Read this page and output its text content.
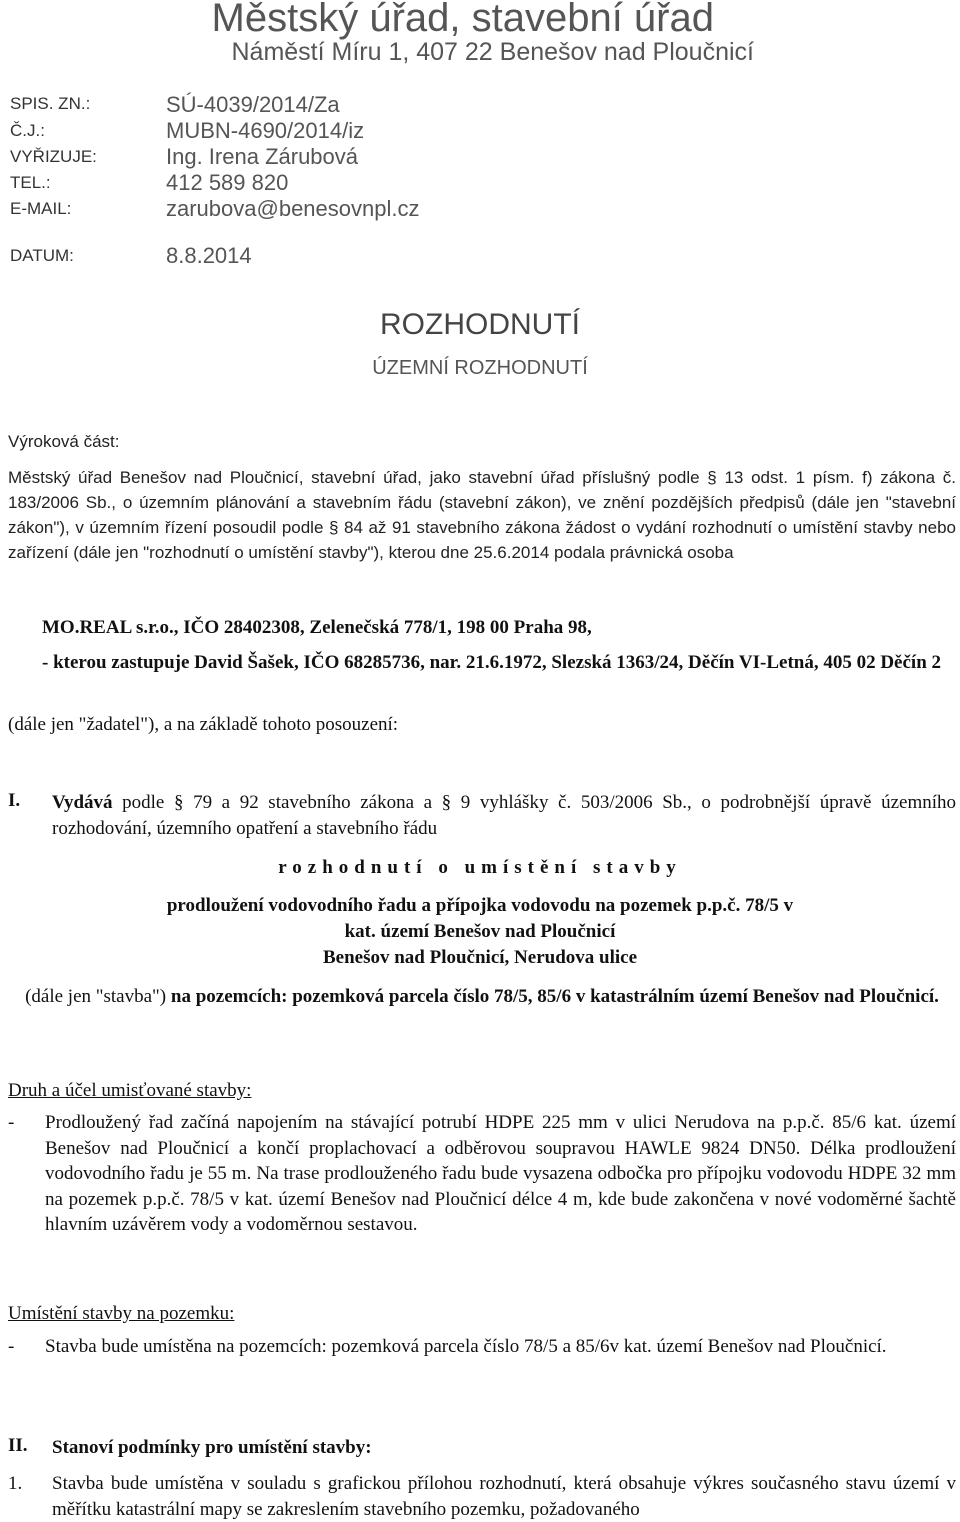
Městský úřad, stavební úřad
Náměstí Míru 1, 407 22 Benešov nad Ploučnicí
SPIS. ZN.:	SÚ-4039/2014/Za
Č.J.:	MUBN-4690/2014/iz
VYŘIZUJE:	Ing. Irena Zárubová
TEL.:	412 589 820
E-MAIL:	zarubova@benesovnpl.cz
DATUM:	8.8.2014
ROZHODNUTÍ
ÚZEMNÍ ROZHODNUTÍ
Výroková část:
Městský úřad Benešov nad Ploučnicí, stavební úřad, jako stavební úřad příslušný podle § 13 odst. 1 písm. f) zákona č. 183/2006 Sb., o územním plánování a stavebním řádu (stavební zákon), ve znění pozdějších předpisů (dále jen "stavební zákon"), v územním řízení posoudil podle § 84 až 91 stavebního zákona žádost o vydání rozhodnutí o umístění stavby nebo zařízení (dále jen "rozhodnutí o umístění stavby"), kterou dne 25.6.2014 podala právnická osoba
MO.REAL s.r.o., IČO 28402308, Zelenečská 778/1, 198 00 Praha 98,
- kterou zastupuje David Šašek, IČO 68285736, nar. 21.6.1972, Slezská 1363/24, Děčín VI-Letná, 405 02 Děčín 2
(dále jen "žadatel"), a na základě tohoto posouzení:
I. Vydává podle § 79 a 92 stavebního zákona a § 9 vyhlášky č. 503/2006 Sb., o podrobnější úpravě územního rozhodování, územního opatření a stavebního řádu
rozhodnutí o umístění stavby
prodloužení vodovodního řadu a přípojka vodovodu na pozemek p.p.č. 78/5 v kat. území Benešov nad Ploučnicí
Benešov nad Ploučnicí, Nerudova ulice
(dále jen "stavba") na pozemcích: pozemková parcela číslo 78/5, 85/6 v katastrálním území Benešov nad Ploučnicí.
Druh a účel umisťované stavby:
- Prodloužený řad začíná napojením na stávající potrubí HDPE 225 mm v ulici Nerudova na p.p.č. 85/6 kat. území Benešov nad Ploučnicí a končí proplachovací a odběrovou soupravou HAWLE 9824 DN50. Délka prodloužení vodovodního řadu je 55 m. Na trase prodlouženého řadu bude vysazena odbočka pro přípojku vodovodu HDPE 32 mm na pozemek p.p.č. 78/5 v kat. území Benešov nad Ploučnicí délce 4 m, kde bude zakončena v nové vodoměrné šachtě hlavním uzávěrem vody a vodoměrnou sestavou.
Umístění stavby na pozemku:
- Stavba bude umístěna na pozemcích: pozemková parcela číslo 78/5 a 85/6v kat. území Benešov nad Ploučnicí.
II. Stanoví podmínky pro umístění stavby:
1. Stavba bude umístěna v souladu s grafickou přílohou rozhodnutí, která obsahuje výkres současného stavu území v měřítku katastrální mapy se zakreslením stavebního pozemku, požadovaného
